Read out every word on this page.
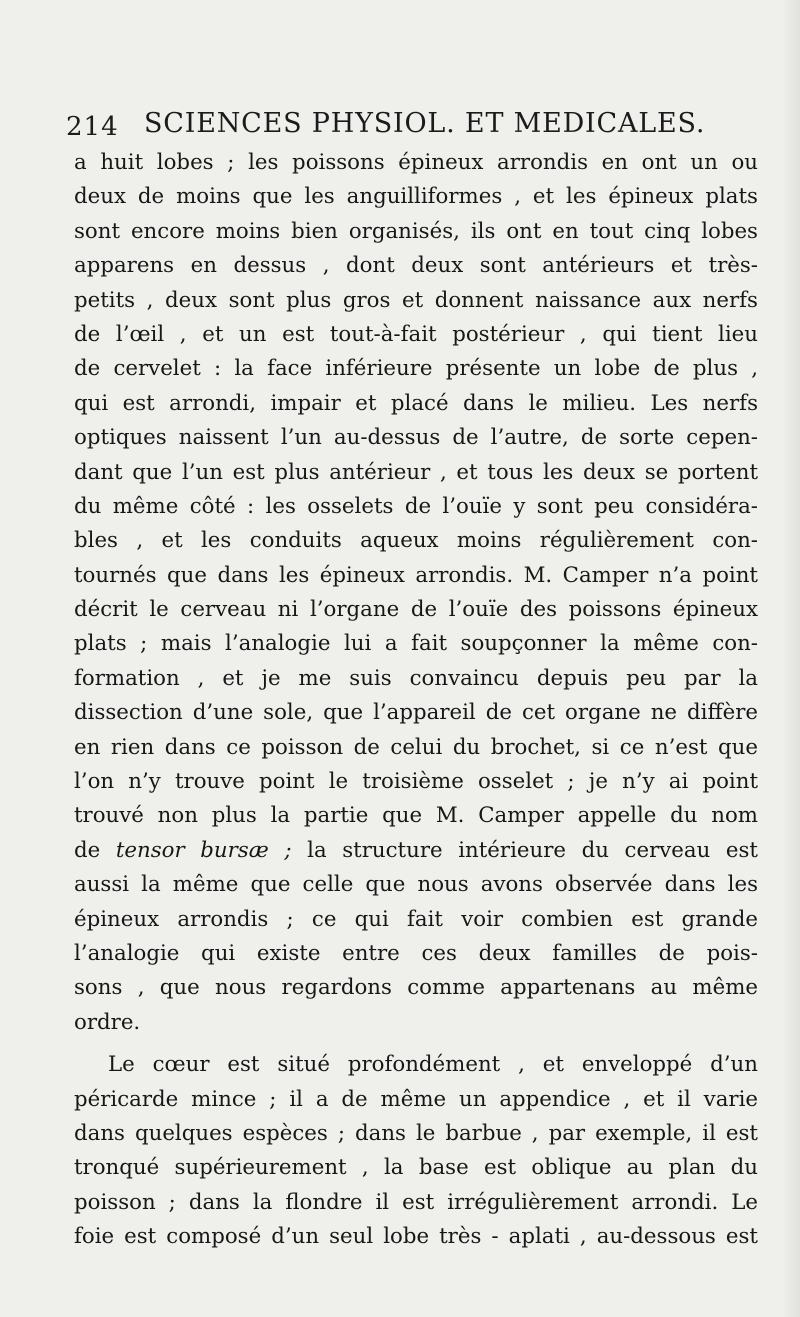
214 SCIENCES PHYSIOL. ET MEDICALES.
a huit lobes ; les poissons épineux arrondis en ont un ou
deux de moins que les anguilliformes , et les épineux plats
sont encore moins bien organisés, ils ont en tout cinq lobes
apparens en dessus , dont deux sont antérieurs et très-
petits , deux sont plus gros et donnent naissance aux nerfs
de l’œil , et un est tout-à-fait postérieur , qui tient lieu
de cervelet : la face inférieure présente un lobe de plus ,
qui est arrondi, impair et placé dans le milieu. Les nerfs
optiques naissent l’un au-dessus de l’autre, de sorte cepen-
dant que l’un est plus antérieur , et tous les deux se portent
du même côté : les osselets de l’ouïe y sont peu considéra-
bles , et les conduits aqueux moins régulièrement con-
tournés que dans les épineux arrondis. M. Camper n’a point
décrit le cerveau ni l’organe de l’ouïe des poissons épineux
plats ; mais l’analogie lui a fait soupçonner la même con-
formation , et je me suis convaincu depuis peu par la
dissection d’une sole, que l’appareil de cet organe ne diffère
en rien dans ce poisson de celui du brochet, si ce n’est que
l’on n’y trouve point le troisième osselet ; je n’y ai point
trouvé non plus la partie que M. Camper appelle du nom
de tensor bursæ ; la structure intérieure du cerveau est
aussi la même que celle que nous avons observée dans les
épineux arrondis ; ce qui fait voir combien est grande
l’analogie qui existe entre ces deux familles de pois-
sons , que nous regardons comme appartenans au même
ordre.
Le cœur est situé profondément , et enveloppé d’un
péricarde mince ; il a de même un appendice , et il varie
dans quelques espèces ; dans le barbue , par exemple, il est
tronqué supérieurement , la base est oblique au plan du
poisson ; dans la flondre il est irrégulièrement arrondi. Le
foie est composé d’un seul lobe très - aplati , au-dessous est
